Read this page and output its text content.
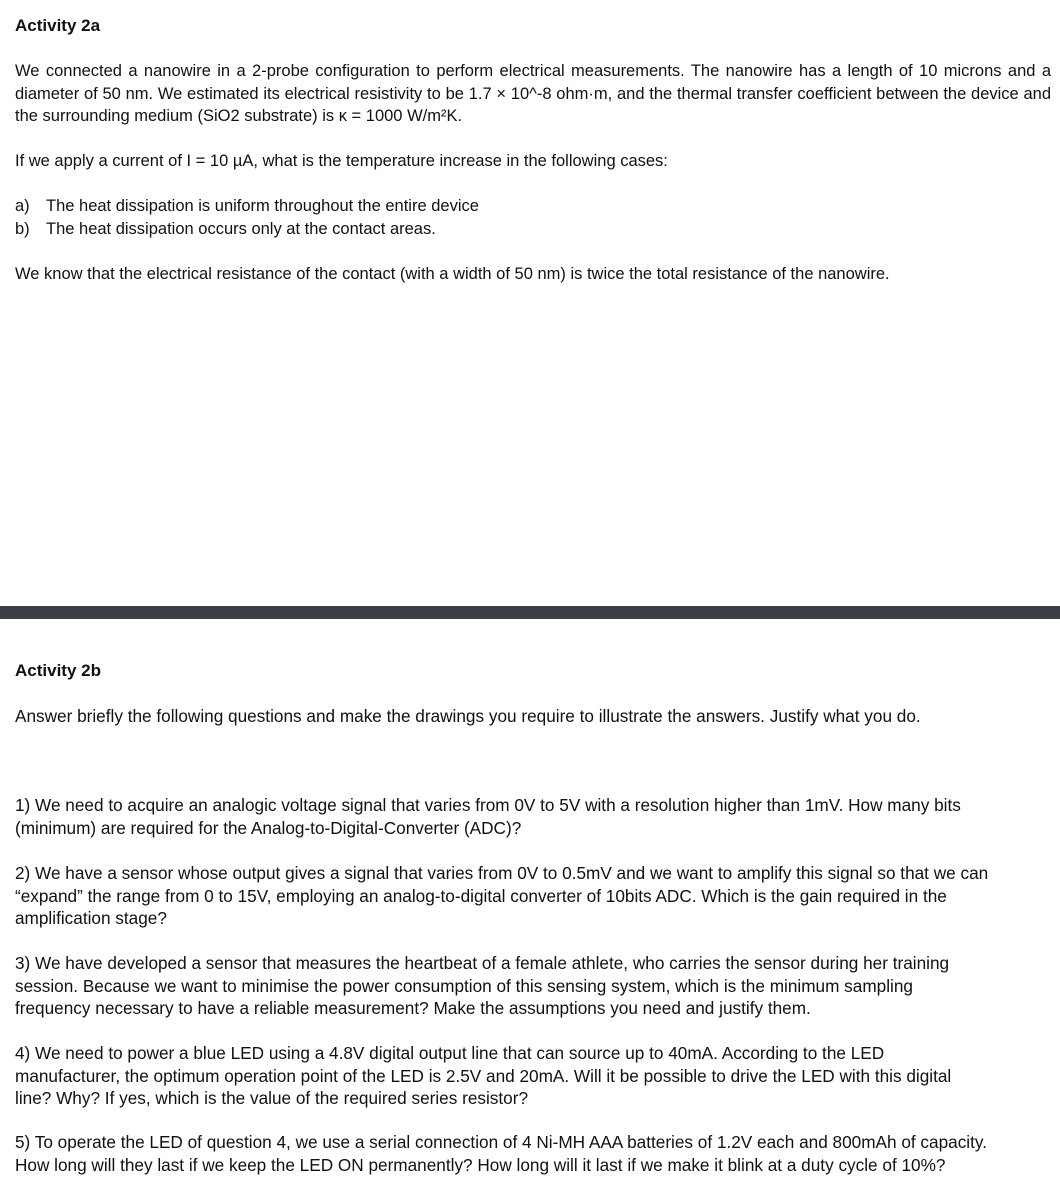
Activity 2a

We connected a nanowire in a 2-probe configuration to perform electrical measurements. The nanowire has a length of 10 microns and a diameter of 50 nm. We estimated its electrical resistivity to be 1.7 × 10^-8 ohm·m, and the thermal transfer coefficient between the device and the surrounding medium (SiO2 substrate) is κ = 1000 W/m²K.

If we apply a current of I = 10 µA, what is the temperature increase in the following cases:

a) The heat dissipation is uniform throughout the entire device
b) The heat dissipation occurs only at the contact areas.

We know that the electrical resistance of the contact (with a width of 50 nm) is twice the total resistance of the nanowire.

Activity 2b

Answer briefly the following questions and make the drawings you require to illustrate the answers. Justify what you do.

1) We need to acquire an analogic voltage signal that varies from 0V to 5V with a resolution higher than 1mV. How many bits (minimum) are required for the Analog-to-Digital-Converter (ADC)?

2) We have a sensor whose output gives a signal that varies from 0V to 0.5mV and we want to amplify this signal so that we can “expand” the range from 0 to 15V, employing an analog-to-digital converter of 10bits ADC. Which is the gain required in the amplification stage?

3) We have developed a sensor that measures the heartbeat of a female athlete, who carries the sensor during her training session. Because we want to minimise the power consumption of this sensing system, which is the minimum sampling frequency necessary to have a reliable measurement? Make the assumptions you need and justify them.

4) We need to power a blue LED using a 4.8V digital output line that can source up to 40mA. According to the LED manufacturer, the optimum operation point of the LED is 2.5V and 20mA. Will it be possible to drive the LED with this digital line? Why? If yes, which is the value of the required series resistor?

5) To operate the LED of question 4, we use a serial connection of 4 Ni-MH AAA batteries of 1.2V each and 800mAh of capacity. How long will they last if we keep the LED ON permanently? How long will it last if we make it blink at a duty cycle of 10%?
